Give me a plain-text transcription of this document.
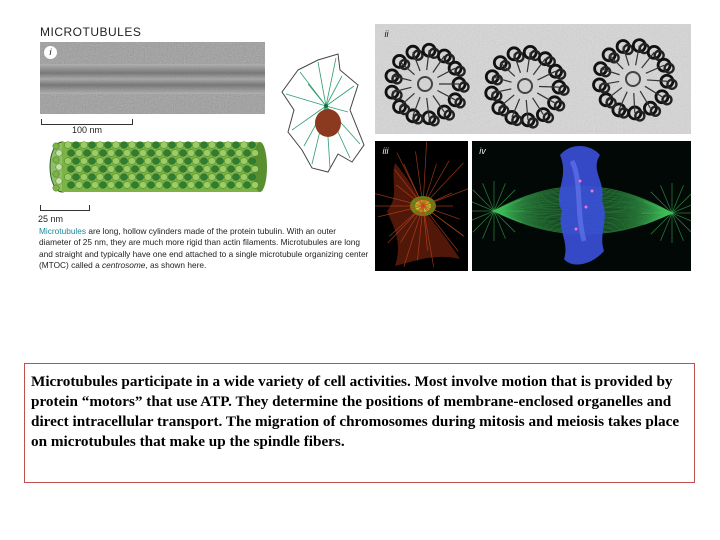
MICROTUBULES
i
100 nm
25 nm
ii
iii	iv
Microtubules are long, hollow cylinders made of the protein tubulin. With an outer diameter of 25 nm, they are much more rigid than actin filaments. Microtubules are long and straight and typically have one end attached to a single microtubule organizing center (MTOC) called a centrosome, as shown here.
Microtubules participate in a wide variety of cell activities. Most involve motion that is provided by protein “motors” that use ATP. They determine the positions of membrane-enclosed organelles and direct intracellular transport. The migration of chromosomes during mitosis and meiosis takes place on microtubules that make up the spindle fibers.
